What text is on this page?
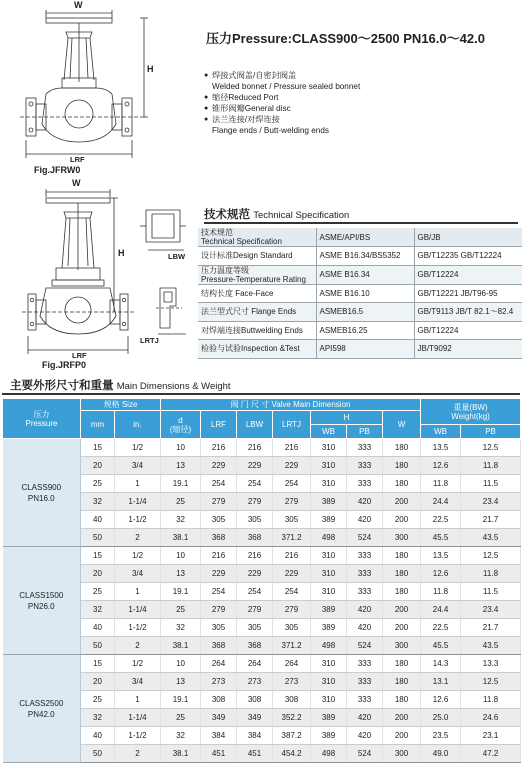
W
H
LRF
Fig.JFRW0
W
H
LRF
LBW
LRTJ
Fig.JRFP0
压力Pressure:CLASS900～2500 PN16.0～42.0
● 焊接式阀盖/自密封阀盖
Welded bonnet / Pressure sealed bonnet
● 缩径Reduced Port
● 锥形阀瓣General disc
● 法兰连接/对焊连接
Flange ends / Butt-welding ends
技术规范 Technical Specification
技术规范
Technical Specification	ASME/API/BS	GB/JB
设计标准Design Standard	ASME B16.34/BS5352	GB/T12235 GB/T12224
压力温度等级
Pressure-Temperature Rating	ASME B16.34	GB/T12224
结构长度 Face-Face	ASME B16.10	GB/T12221 JB/T96-95
法兰型式尺寸 Flange Ends	ASMEB16.5	GB/T9113 JB/T 82.1～82.4
对焊端连接Buttwelding Ends	ASMEB16.25	GB/T12224
检验与试验Inspection &Test	API598	JB/T9092
主要外形尺寸和重量 Main Dimensions & Weight
压力
Pressure	规格 Size		阀 门 尺 寸 Valve Main Dimension							重量(BW)
Weight(kg)	
	mm	in.	d
(缩径)	LRF	LBW	LRTJ	H		W		
							WB	PB		WB	PB
CLASS900
PN16.0	15	1/2	10	216	216	216	310	333	180	13.5	12.5
	20	3/4	13	229	229	229	310	333	180	12.6	11.8
	25	1	19.1	254	254	254	310	333	180	11.8	11.5
	32	1-1/4	25	279	279	279	389	420	200	24.4	23.4
	40	1-1/2	32	305	305	305	389	420	200	22.5	21.7
	50	2	38.1	368	368	371.2	498	524	300	45.5	43.5
CLASS1500
PN26.0	15	1/2	10	216	216	216	310	333	180	13.5	12.5
	20	3/4	13	229	229	229	310	333	180	12.6	11.8
	25	1	19.1	254	254	254	310	333	180	11.8	11.5
	32	1-1/4	25	279	279	279	389	420	200	24.4	23.4
	40	1-1/2	32	305	305	305	389	420	200	22.5	21.7
	50	2	38.1	368	368	371.2	498	524	300	45.5	43.5
CLASS2500
PN42.0	15	1/2	10	264	264	264	310	333	180	14.3	13.3
	20	3/4	13	273	273	273	310	333	180	13.1	12.5
	25	1	19.1	308	308	308	310	333	180	12.6	11.8
	32	1-1/4	25	349	349	352.2	389	420	200	25.0	24.6
	40	1-1/2	32	384	384	387.2	389	420	200	23.5	23.1
	50	2	38.1	451	451	454.2	498	524	300	49.0	47.2
